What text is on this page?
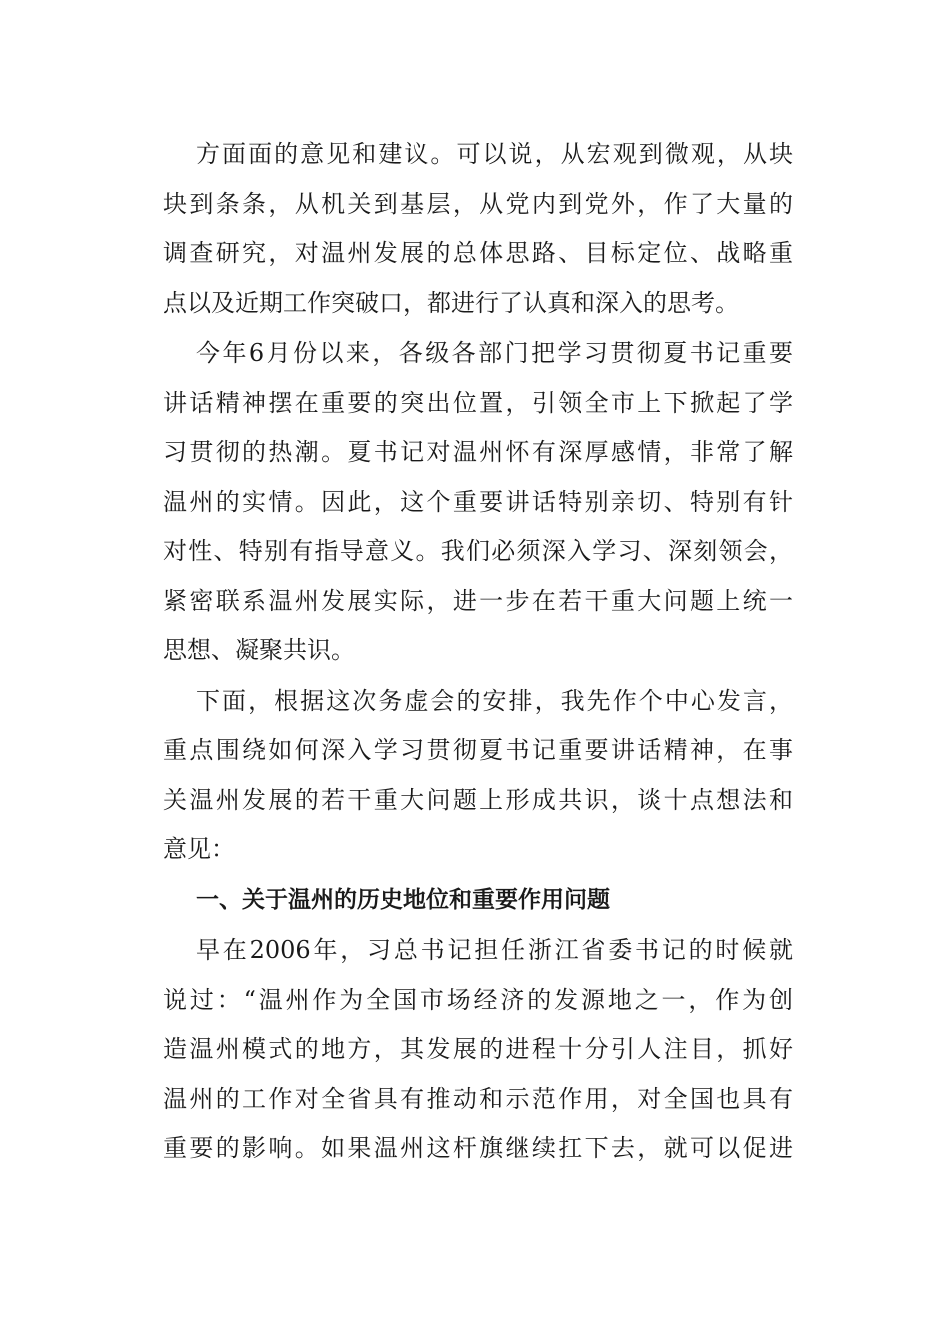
方面面的意见和建议。可以说，从宏观到微观，从块
块到条条，从机关到基层，从党内到党外，作了大量的
调查研究，对温州发展的总体思路、目标定位、战略重
点以及近期工作突破口，都进行了认真和深入的思考。
今年6月份以来，各级各部门把学习贯彻夏书记重要
讲话精神摆在重要的突出位置，引领全市上下掀起了学
习贯彻的热潮。夏书记对温州怀有深厚感情，非常了解
温州的实情。因此，这个重要讲话特别亲切、特别有针
对性、特别有指导意义。我们必须深入学习、深刻领会，
紧密联系温州发展实际，进一步在若干重大问题上统一
思想、凝聚共识。
下面，根据这次务虚会的安排，我先作个中心发言，
重点围绕如何深入学习贯彻夏书记重要讲话精神，在事
关温州发展的若干重大问题上形成共识，谈十点想法和
意见：
一、关于温州的历史地位和重要作用问题
早在2006年，习总书记担任浙江省委书记的时候就
说过：“温州作为全国市场经济的发源地之一，作为创
造温州模式的地方，其发展的进程十分引人注目，抓好
温州的工作对全省具有推动和示范作用，对全国也具有
重要的影响。如果温州这杆旗继续扛下去，就可以促进
